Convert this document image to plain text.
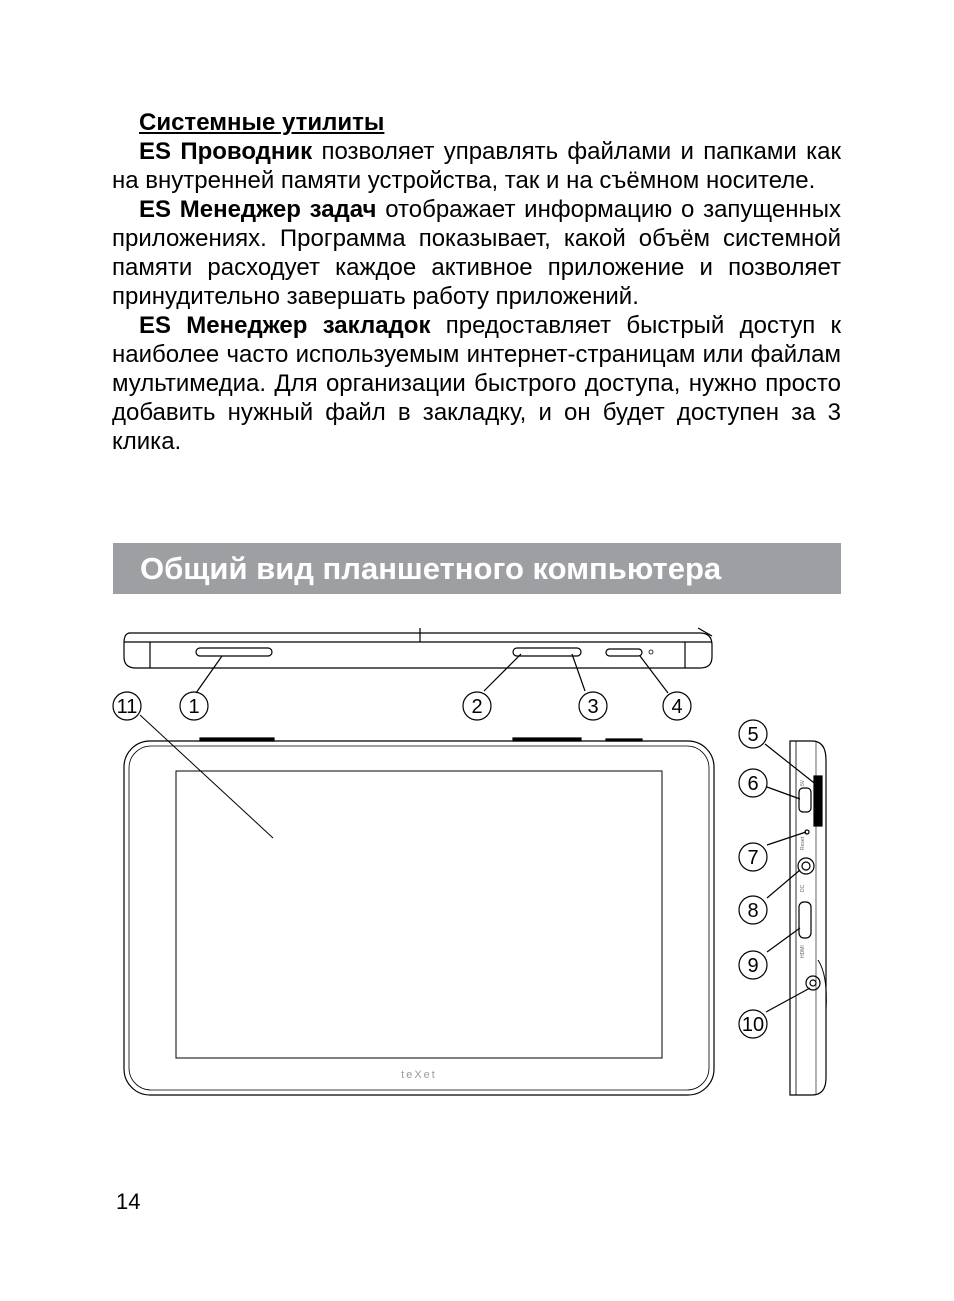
Системные утилиты

ES Проводник позволяет управлять файлами и папками как на внутренней памяти устройства, так и на съёмном носителе.

ES Менеджер задач отображает информацию о запущенных приложениях. Программа показывает, какой объём системной памяти расходует каждое активное приложение и позволяет принудительно завершать работу приложений.

ES Менеджер закладок предоставляет быстрый доступ к наиболее часто используемым интернет-страницам или файлам мультимедиа. Для организации быстрого доступа, нужно просто добавить нужный файл в закладку, и он будет доступен за 3 клика.

Общий вид планшетного компьютера
11	1	2	3	4
5
6
7
8
9
10
teXet
DC
Reset
5V
HDMI
14
